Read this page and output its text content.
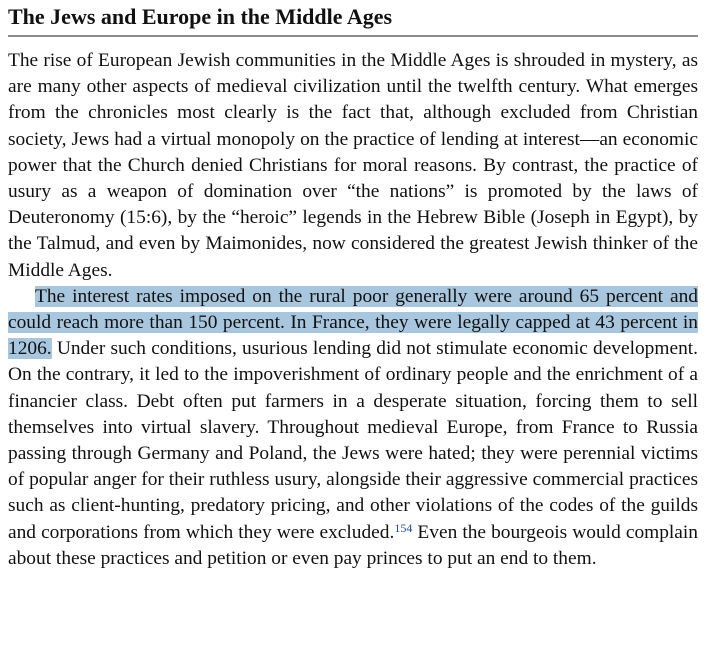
The Jews and Europe in the Middle Ages

The rise of European Jewish communities in the Middle Ages is shrouded in mystery, as are many other aspects of medieval civilization until the twelfth century. What emerges from the chronicles most clearly is the fact that, although excluded from Christian society, Jews had a virtual monopoly on the practice of lending at interest—an economic power that the Church denied Christians for moral reasons. By contrast, the practice of usury as a weapon of domination over “the nations” is promoted by the laws of Deuteronomy (15:6), by the “heroic” legends in the Hebrew Bible (Joseph in Egypt), by the Talmud, and even by Maimonides, now considered the greatest Jewish thinker of the Middle Ages.

The interest rates imposed on the rural poor generally were around 65 percent and could reach more than 150 percent. In France, they were legally capped at 43 percent in 1206. Under such conditions, usurious lending did not stimulate economic development. On the contrary, it led to the impoverishment of ordinary people and the enrichment of a financier class. Debt often put farmers in a desperate situation, forcing them to sell themselves into virtual slavery. Throughout medieval Europe, from France to Russia passing through Germany and Poland, the Jews were hated; they were perennial victims of popular anger for their ruthless usury, alongside their aggressive commercial practices such as client-hunting, predatory pricing, and other violations of the codes of the guilds and corporations from which they were excluded.$^{154}$ Even the bourgeois would complain about these practices and petition or even pay princes to put an end to them.
